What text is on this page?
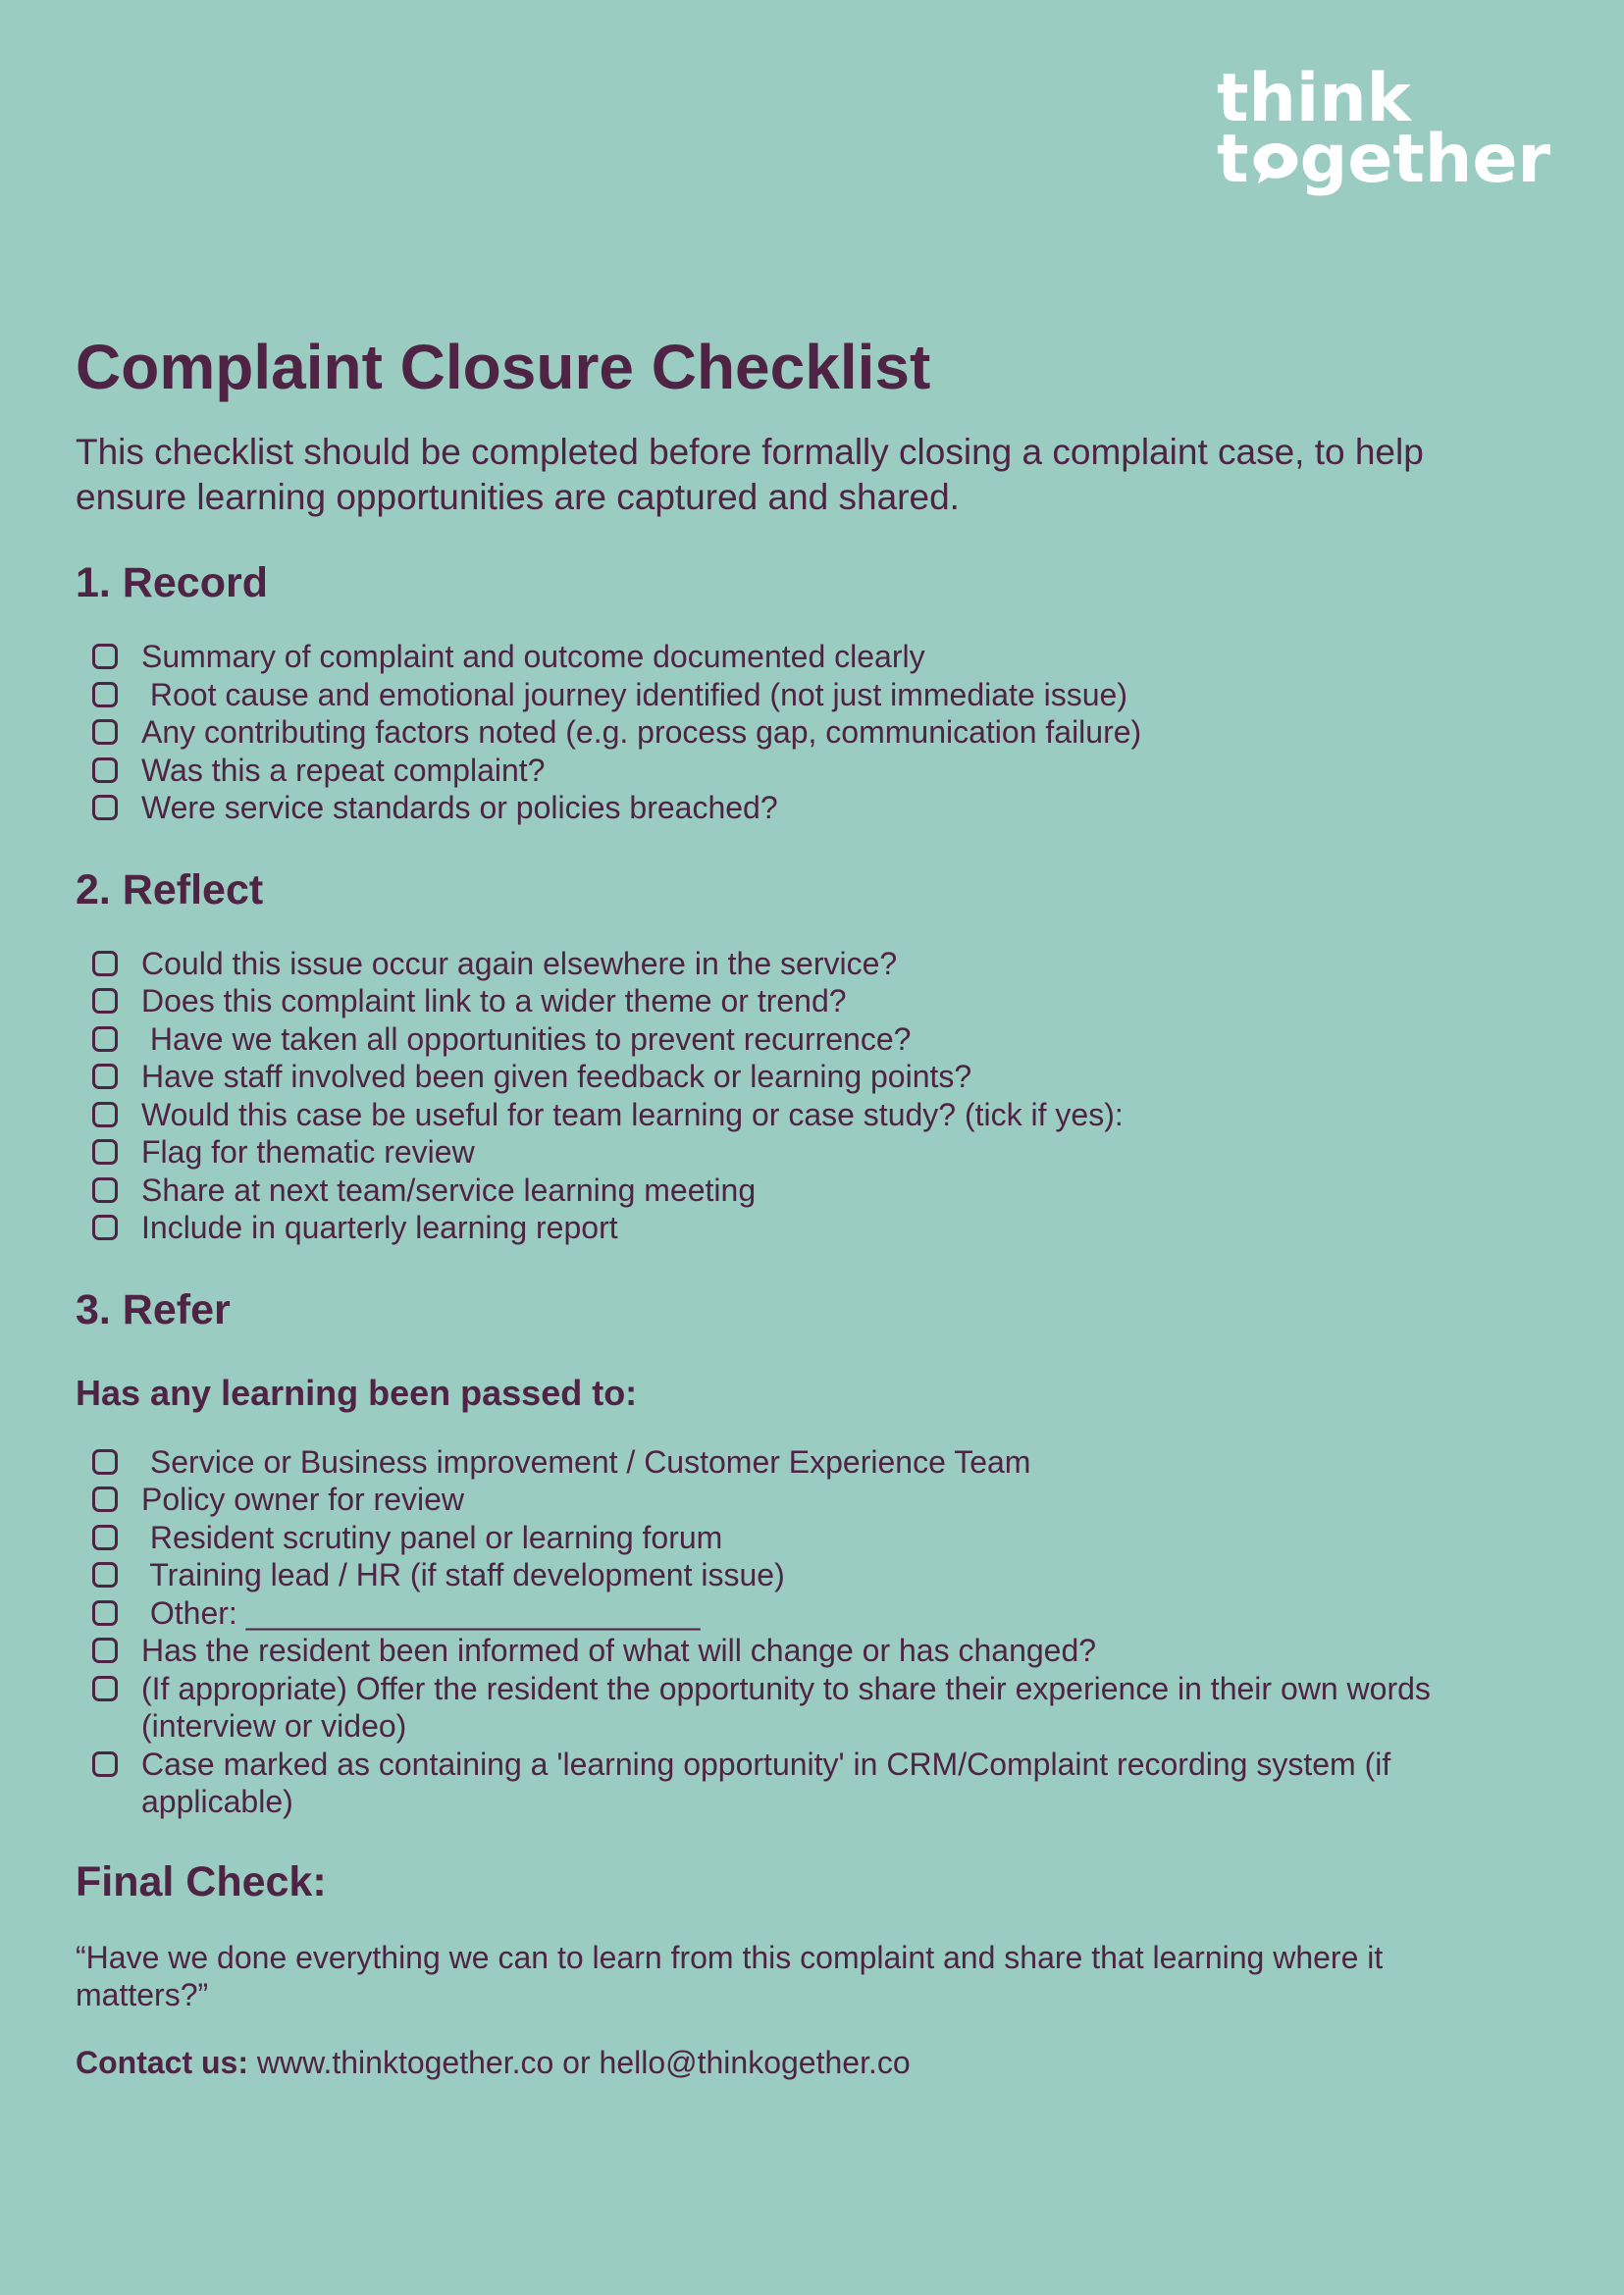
think
t gether
Complaint Closure Checklist

This checklist should be completed before formally closing a complaint case, to help ensure learning opportunities are captured and shared.

1. Record
Summary of complaint and outcome documented clearly
Root cause and emotional journey identified (not just immediate issue)
Any contributing factors noted (e.g. process gap, communication failure)
Was this a repeat complaint?
Were service standards or policies breached?
2. Reflect
Could this issue occur again elsewhere in the service?
Does this complaint link to a wider theme or trend?
Have we taken all opportunities to prevent recurrence?
Have staff involved been given feedback or learning points?
Would this case be useful for team learning or case study? (tick if yes):
Flag for thematic review
Share at next team/service learning meeting
Include in quarterly learning report
3. Refer
Has any learning been passed to:
Service or Business improvement / Customer Experience Team
Policy owner for review
Resident scrutiny panel or learning forum
Training lead / HR (if staff development issue)
Other: __________________________
Has the resident been informed of what will change or has changed?
(If appropriate) Offer the resident the opportunity to share their experience in their own words (interview or video)
Case marked as containing a 'learning opportunity' in CRM/Complaint recording system (if applicable)
Final Check:

“Have we done everything we can to learn from this complaint and share that learning where it matters?”

Contact us: www.thinktogether.co or hello@thinkogether.co
